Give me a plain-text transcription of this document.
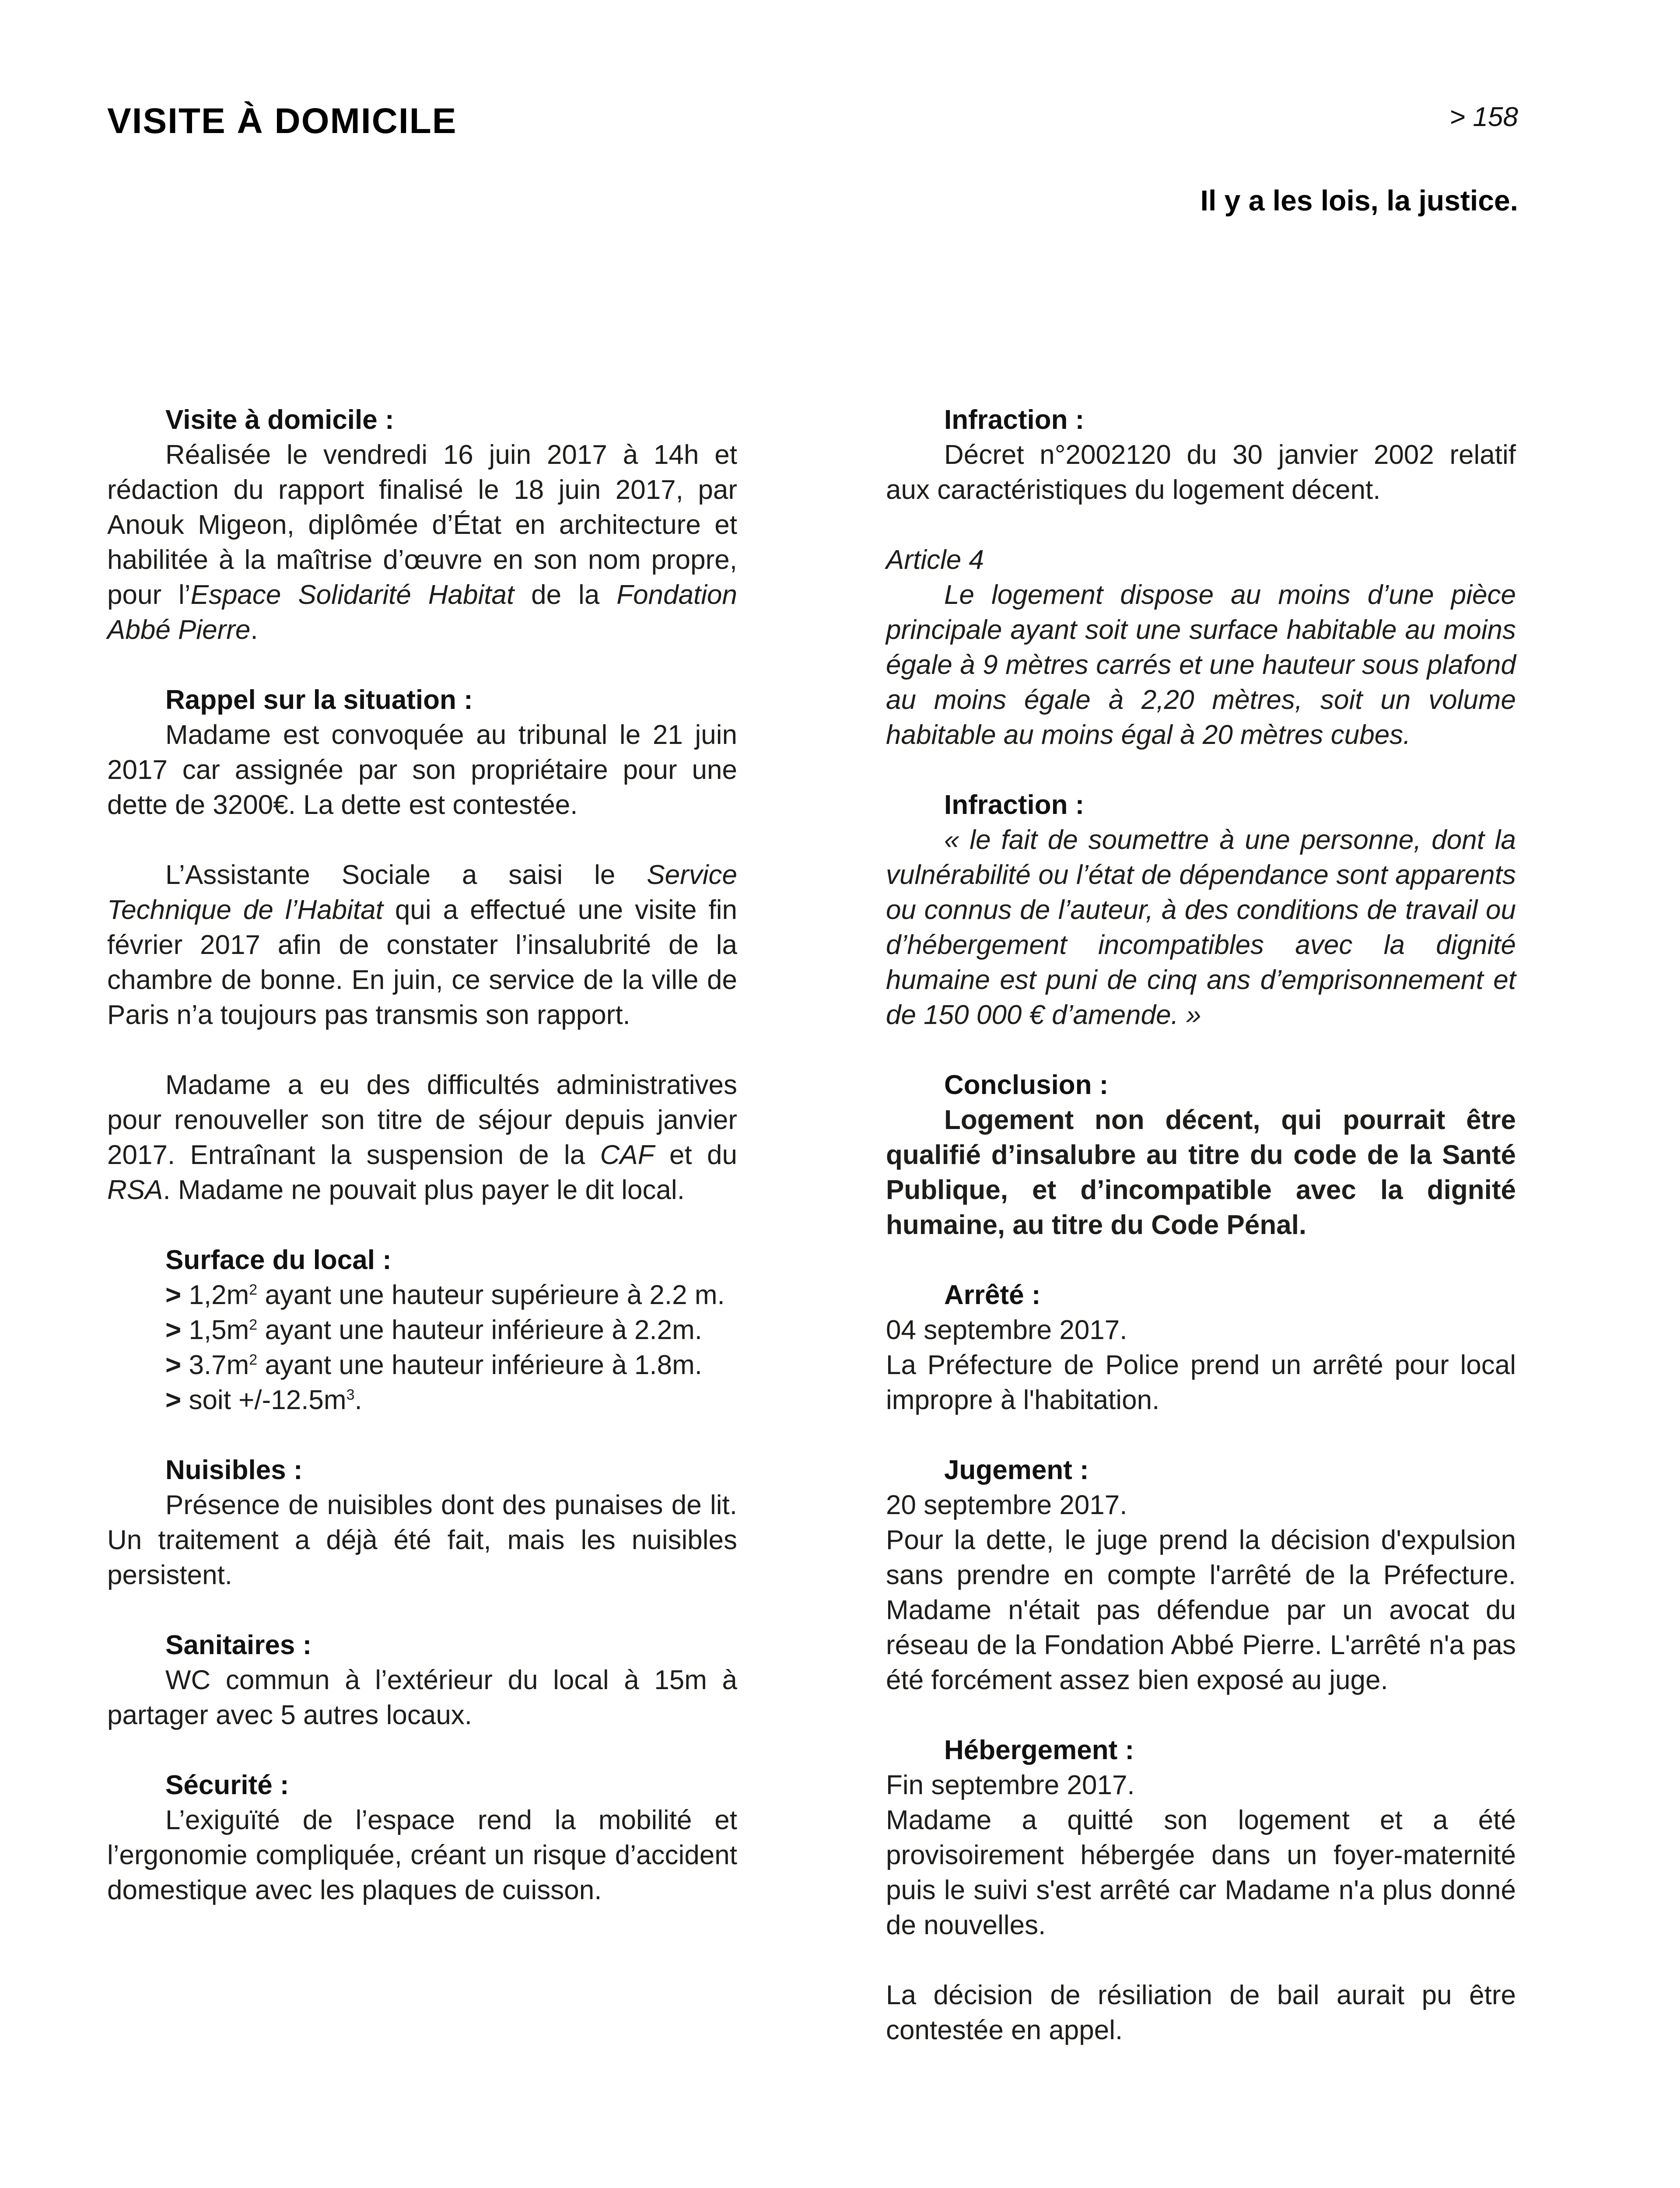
VISITE À DOMICILE	> 158

Il y a les lois, la justice.

Visite à domicile :

Réalisée le vendredi 16 juin 2017 à 14h et rédaction du rapport finalisé le 18 juin 2017, par Anouk Migeon, diplômée d’État en architecture et habilitée à la maîtrise d’œuvre en son nom propre, pour l’Espace Solidarité Habitat de la Fondation Abbé Pierre.

Rappel sur la situation :

Madame est convoquée au tribunal le 21 juin 2017 car assignée par son propriétaire pour une dette de 3200€. La dette est contestée.

L’Assistante Sociale a saisi le Service Technique de l’Habitat qui a effectué une visite fin février 2017 afin de constater l’insalubrité de la chambre de bonne. En juin, ce service de la ville de Paris n’a toujours pas transmis son rapport.

Madame a eu des difficultés administratives pour renouveller son titre de séjour depuis janvier 2017. Entraînant la suspension de la CAF et du RSA. Madame ne pouvait plus payer le dit local.

Surface du local :

> $1,2m^2$ ayant une hauteur supérieure à 2.2 m.

> $1,5m^2$ ayant une hauteur inférieure à 2.2m.

> $3.7m^2$ ayant une hauteur inférieure à 1.8m.

> soit $+/-12.5m^3$.

Nuisibles :

Présence de nuisibles dont des punaises de lit. Un traitement a déjà été fait, mais les nuisibles persistent.

Sanitaires :

WC commun à l’extérieur du local à 15m à partager avec 5 autres locaux.

Sécurité :

L’exiguïté de l’espace rend la mobilité et l’ergonomie compliquée, créant un risque d’accident domestique avec les plaques de cuisson.

Infraction :

Décret n°2002120 du 30 janvier 2002 relatif aux caractéristiques du logement décent.

Article 4

Le logement dispose au moins d’une pièce principale ayant soit une surface habitable au moins égale à 9 mètres carrés et une hauteur sous plafond au moins égale à 2,20 mètres, soit un volume habitable au moins égal à 20 mètres cubes.

Infraction :

« le fait de soumettre à une personne, dont la vulnérabilité ou l’état de dépendance sont apparents ou connus de l’auteur, à des conditions de travail ou d’hébergement incompatibles avec la dignité humaine est puni de cinq ans d’emprisonnement et de 150 000 € d’amende. »

Conclusion :

Logement non décent, qui pourrait être qualifié d’insalubre au titre du code de la Santé Publique, et d’incompatible avec la dignité humaine, au titre du Code Pénal.

Arrêté :

04 septembre 2017.

La Préfecture de Police prend un arrêté pour local impropre à l'habitation.

Jugement :

20 septembre 2017.

Pour la dette, le juge prend la décision d'expulsion sans prendre en compte l'arrêté de la Préfecture. Madame n'était pas défendue par un avocat du réseau de la Fondation Abbé Pierre. L'arrêté n'a pas été forcément assez bien exposé au juge.

Hébergement :

Fin septembre 2017.

Madame a quitté son logement et a été provisoirement hébergée dans un foyer-maternité puis le suivi s'est arrêté car Madame n'a plus donné de nouvelles.

La décision de résiliation de bail aurait pu être contestée en appel.
